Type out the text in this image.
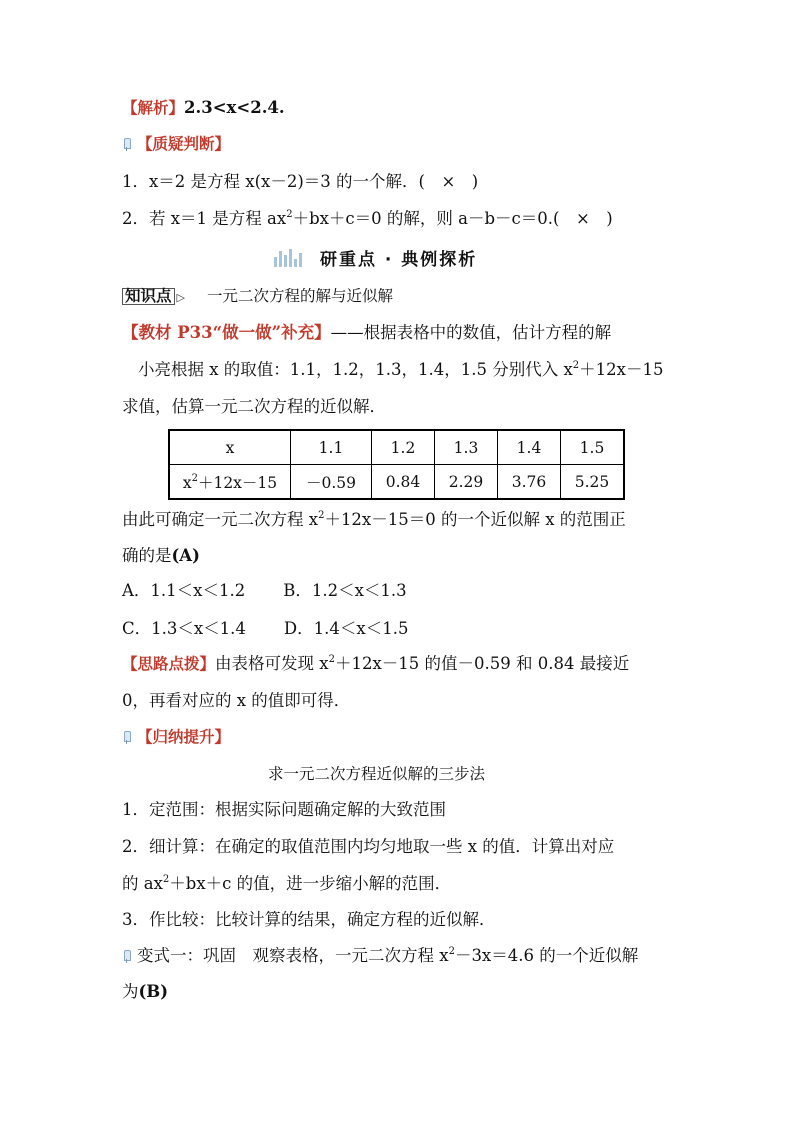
【解析】2.3<x<2.4.
【质疑判断】
1．x＝2 是方程 x(x－2)＝3 的一个解．(　×　)
2．若 x＝1 是方程 $ax^2+bx+c=0$ 的解，则 a－b－c＝0.(　×　)
研重点 · 典例探析
知识点 ▷ 一元二次方程的解与近似解
【教材 P33“做一做”补充】——根据表格中的数值，估计方程的解
小亮根据 x 的取值：1.1，1.2，1.3，1.4，1.5 分别代入 $x^2+12x-15$
求值，估算一元二次方程的近似解．
x	1.1	1.2	1.3	1.4	1.5
$x^2+12x-15$	－0.59	0.84	2.29	3.76	5.25
由此可确定一元二次方程 $x^2+12x-15=0$ 的一个近似解 x 的范围正
确的是(A)
A．1.1＜x＜1.2 B．1.2＜x＜1.3
C．1.3＜x＜1.4 D．1.4＜x＜1.5
【思路点拨】由表格可发现 $x^2+12x-15$ 的值－0.59 和 0.84 最接近
0，再看对应的 x 的值即可得．
【归纳提升】
求一元二次方程近似解的三步法
1．定范围：根据实际问题确定解的大致范围
2．细计算：在确定的取值范围内均匀地取一些 x 的值．计算出对应
的 $ax^2+bx+c$ 的值，进一步缩小解的范围．
3．作比较：比较计算的结果，确定方程的近似解．
变式一：巩固　观察表格，一元二次方程 $x^2-3x=4.6$ 的一个近似解
为(B)
